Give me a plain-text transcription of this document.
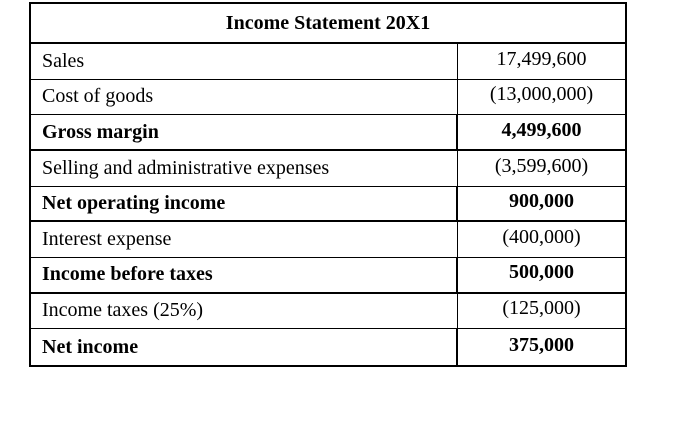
Income Statement 20X1
Sales	17,499,600
Cost of goods	(13,000,000)
Gross margin	4,499,600
Selling and administrative expenses	(3,599,600)
Net operating income	900,000
Interest expense	(400,000)
Income before taxes	500,000
Income taxes (25%)	(125,000)
Net income	375,000
